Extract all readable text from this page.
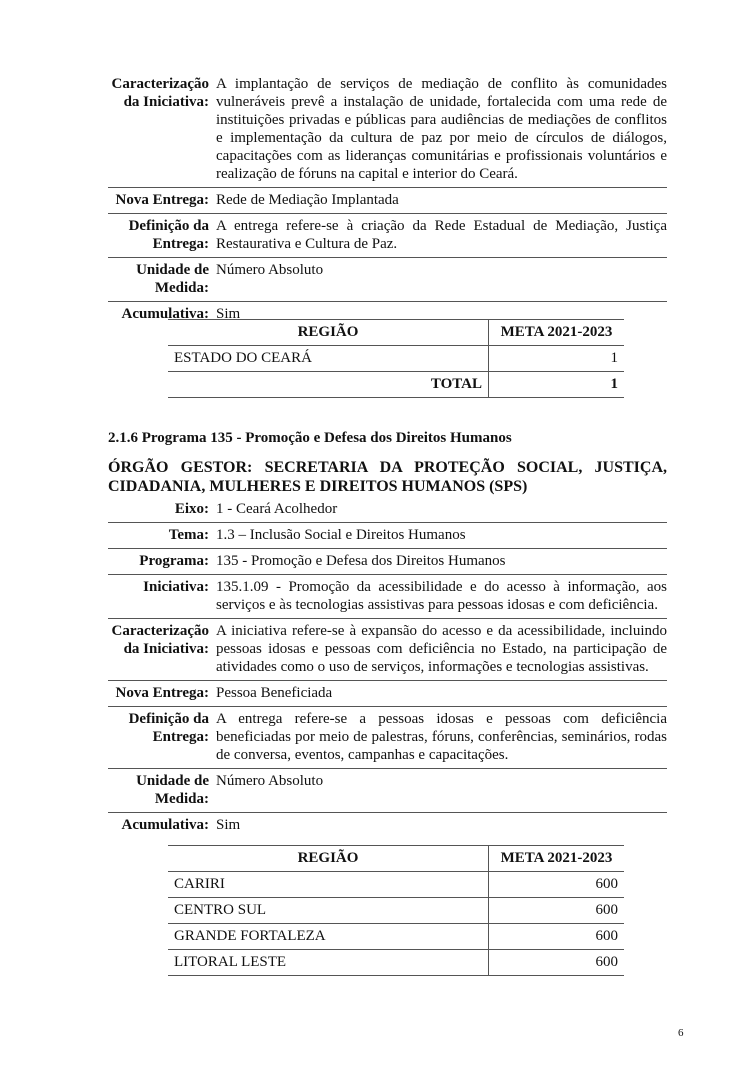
Caracterização da Iniciativa:	A implantação de serviços de mediação de conflito às comunidades vulneráveis prevê a instalação de unidade, fortalecida com uma rede de instituições privadas e públicas para audiências de mediações de conflitos e implementação da cultura de paz por meio de círculos de diálogos, capacitações com as lideranças comunitárias e profissionais voluntários e realização de fóruns na capital e interior do Ceará.
Nova Entrega:	Rede de Mediação Implantada
Definição da Entrega:	A entrega refere-se à criação da Rede Estadual de Mediação, Justiça Restaurativa e Cultura de Paz.
Unidade de Medida:	Número Absoluto
Acumulativa:	Sim
REGIÃO	META 2021-2023
ESTADO DO CEARÁ	1
TOTAL	1
2.1.6 Programa 135 - Promoção e Defesa dos Direitos Humanos
ÓRGÃO GESTOR: SECRETARIA DA PROTEÇÃO SOCIAL, JUSTIÇA,
CIDADANIA, MULHERES E DIREITOS HUMANOS (SPS)
Eixo:	1 - Ceará Acolhedor
Tema:	1.3 – Inclusão Social e Direitos Humanos
Programa:	135 - Promoção e Defesa dos Direitos Humanos
Iniciativa:	135.1.09 - Promoção da acessibilidade e do acesso à informação, aos serviços e às tecnologias assistivas para pessoas idosas e com deficiência.
Caracterização da Iniciativa:	A iniciativa refere-se à expansão do acesso e da acessibilidade, incluindo pessoas idosas e pessoas com deficiência no Estado, na participação de atividades como o uso de serviços, informações e tecnologias assistivas.
Nova Entrega:	Pessoa Beneficiada
Definição da Entrega:	A entrega refere-se a pessoas idosas e pessoas com deficiência beneficiadas por meio de palestras, fóruns, conferências, seminários, rodas de conversa, eventos, campanhas e capacitações.
Unidade de Medida:	Número Absoluto
Acumulativa:	Sim
REGIÃO	META 2021-2023
CARIRI	600
CENTRO SUL	600
GRANDE FORTALEZA	600
LITORAL LESTE	600
6
